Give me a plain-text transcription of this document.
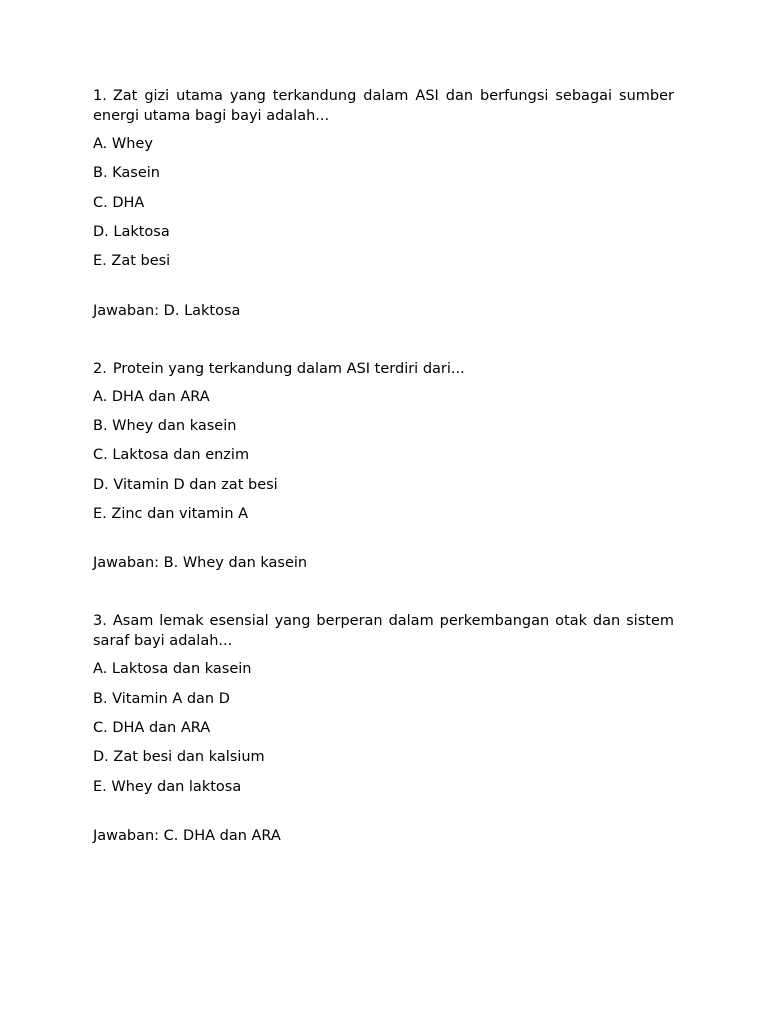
1. Zat gizi utama yang terkandung dalam ASI dan berfungsi sebagai sumber energi utama bagi bayi adalah...

A. Whey
B. Kasein
C. DHA
D. Laktosa
E. Zat besi
Jawaban: D. Laktosa

2. Protein yang terkandung dalam ASI terdiri dari...

A. DHA dan ARA
B. Whey dan kasein
C. Laktosa dan enzim
D. Vitamin D dan zat besi
E. Zinc dan vitamin A
Jawaban: B. Whey dan kasein

3. Asam lemak esensial yang berperan dalam perkembangan otak dan sistem saraf bayi adalah...

A. Laktosa dan kasein
B. Vitamin A dan D
C. DHA dan ARA
D. Zat besi dan kalsium
E. Whey dan laktosa
Jawaban: C. DHA dan ARA
